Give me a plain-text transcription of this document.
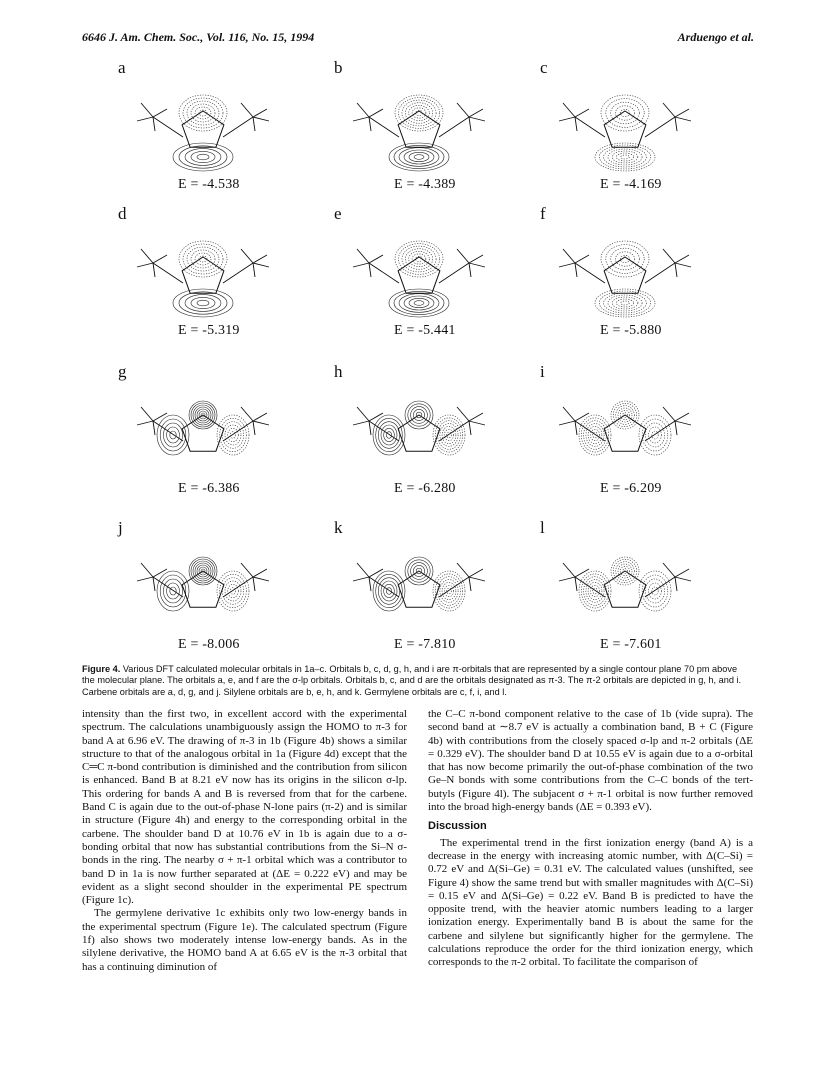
6646 J. Am. Chem. Soc., Vol. 116, No. 15, 1994	Arduengo et al.
a
E = -4.538
b
E = -4.389
c
E = -4.169
d
E = -5.319
e
E = -5.441
f
E = -5.880
g
E = -6.386
h
E = -6.280
i
E = -6.209
j
E = -8.006
k
E = -7.810
l
E = -7.601
Figure 4. Various DFT calculated molecular orbitals in 1a–c. Orbitals b, c, d, g, h, and i are π-orbitals that are represented by a single contour plane 70 pm above the molecular plane. The orbitals a, e, and f are the σ-lp orbitals. Orbitals b, c, and d are the orbitals designated as π-3. The π-2 orbitals are depicted in g, h, and i. Carbene orbitals are a, d, g, and j. Silylene orbitals are b, e, h, and k. Germylene orbitals are c, f, i, and l.

intensity than the first two, in excellent accord with the experimental spectrum. The calculations unambiguously assign the HOMO to π-3 for band A at 6.96 eV. The drawing of π-3 in 1b (Figure 4b) shows a similar structure to that of the analogous orbital in 1a (Figure 4d) except that the C═C π-bond contribution is diminished and the contribution from silicon is enhanced. Band B at 8.21 eV now has its origins in the silicon σ-lp. This ordering for bands A and B is reversed from that for the carbene. Band C is again due to the out-of-phase N-lone pairs (π-2) and is similar in structure (Figure 4h) and energy to the corresponding orbital in the carbene. The shoulder band D at 10.76 eV in 1b is again due to a σ-bonding orbital that now has substantial contributions from the Si–N σ-bonds in the ring. The nearby σ + π-1 orbital which was a contributor to band D in 1a is now further separated at (ΔE = 0.222 eV) and may be evident as a slight second shoulder in the experimental PE spectrum (Figure 1c).

The germylene derivative 1c exhibits only two low-energy bands in the experimental spectrum (Figure 1e). The calculated spectrum (Figure 1f) also shows two moderately intense low-energy bands. As in the silylene derivative, the HOMO band A at 6.65 eV is the π-3 orbital that has a continuing diminution of

the C–C π-bond component relative to the case of 1b (vide supra). The second band at ∼8.7 eV is actually a combination band, B + C (Figure 4b) with contributions from the closely spaced σ-lp and π-2 orbitals (ΔE = 0.329 eV). The shoulder band D at 10.55 eV is again due to a σ-orbital that has now become primarily the out-of-phase combination of the two Ge–N bonds with some contributions from the C–C bonds of the tert-butyls (Figure 4l). The subjacent σ + π-1 orbital is now further removed into the broad high-energy bands (ΔE = 0.393 eV).

Discussion

The experimental trend in the first ionization energy (band A) is a decrease in the energy with increasing atomic number, with Δ(C–Si) = 0.72 eV and Δ(Si–Ge) = 0.31 eV. The calculated values (unshifted, see Figure 4) show the same trend but with smaller magnitudes with Δ(C–Si) = 0.15 eV and Δ(Si–Ge) = 0.22 eV. Band B is predicted to have the opposite trend, with the heavier atomic numbers leading to a larger ionization energy. Experimentally band B is about the same for the carbene and silylene but significantly higher for the germylene. The calculations reproduce the order for the third ionization energy, which corresponds to the π-2 orbital. To facilitate the comparison of
